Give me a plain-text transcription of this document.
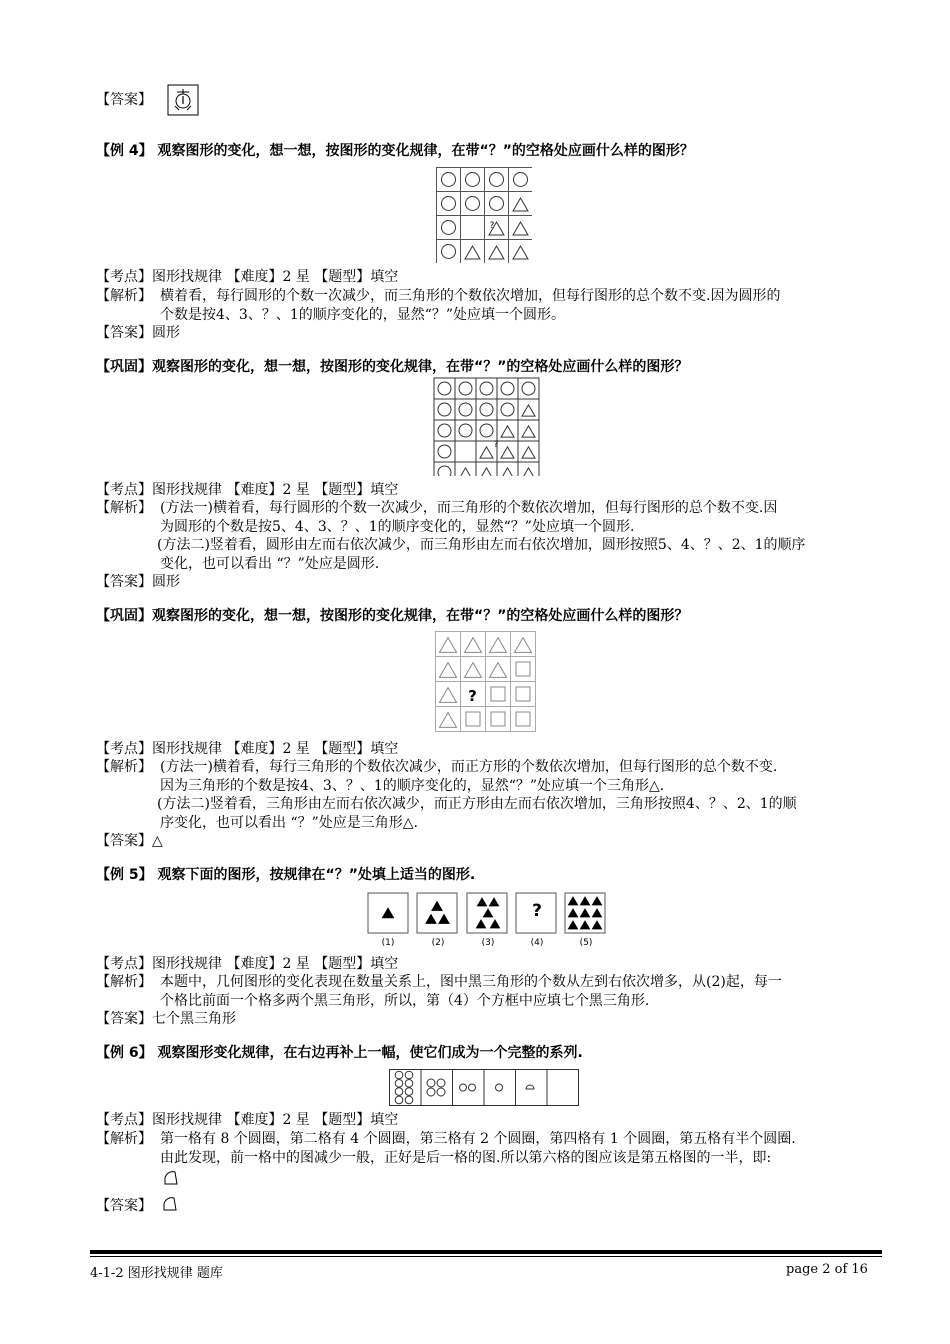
【答案】
【例 4】 观察图形的变化，想一想，按图形的变化规律，在带“？”的空格处应画什么样的图形？
?
【考点】图形找规律 【难度】2 星 【题型】填空
【解析】 横着看，每行圆形的个数一次减少，而三角形的个数依次增加，但每行图形的总个数不变.因为圆形的
个数是按4、3、？、1的顺序变化的，显然“？”处应填一个圆形。
【答案】圆形
【巩固】观察图形的变化，想一想，按图形的变化规律，在带“？”的空格处应画什么样的图形？
?
【考点】图形找规律 【难度】2 星 【题型】填空
【解析】 (方法一)横着看，每行圆形的个数一次减少，而三角形的个数依次增加，但每行图形的总个数不变.因
为圆形的个数是按5、4、3、？、1的顺序变化的，显然“？”处应填一个圆形.
(方法二)竖着看，圆形由左而右依次减少，而三角形由左而右依次增加，圆形按照5、4、？、2、1的顺序
变化，也可以看出 “？”处应是圆形.
【答案】圆形
【巩固】观察图形的变化，想一想，按图形的变化规律，在带“？”的空格处应画什么样的图形？
?
【考点】图形找规律 【难度】2 星 【题型】填空
【解析】 (方法一)横着看，每行三角形的个数依次减少，而正方形的个数依次增加，但每行图形的总个数不变.
因为三角形的个数是按4、3、？、1的顺序变化的，显然“？”处应填一个三角形△.
(方法二)竖着看，三角形由左而右依次减少，而正方形由左而右依次增加，三角形按照4、？、2、1的顺
序变化，也可以看出 “？”处应是三角形△.
【答案】△
【例 5】 观察下面的图形，按规律在“？”处填上适当的图形.
?
(1)	(2)	(3)	(4)	(5)
【考点】图形找规律 【难度】2 星 【题型】填空
【解析】 本题中，几何图形的变化表现在数量关系上，图中黑三角形的个数从左到右依次增多，从(2)起，每一
个格比前面一个格多两个黑三角形，所以，第（4）个方框中应填七个黑三角形.
【答案】七个黑三角形
【例 6】 观察图形变化规律，在右边再补上一幅，使它们成为一个完整的系列.
【考点】图形找规律 【难度】2 星 【题型】填空
【解析】 第一格有 8 个圆圈，第二格有 4 个圆圈，第三格有 2 个圆圈，第四格有 1 个圆圈，第五格有半个圆圈.
由此发现，前一格中的图减少一般，正好是后一格的图.所以第六格的图应该是第五格图的一半，即:
【答案】
4-1-2 图形找规律 题库	page 2 of 16
